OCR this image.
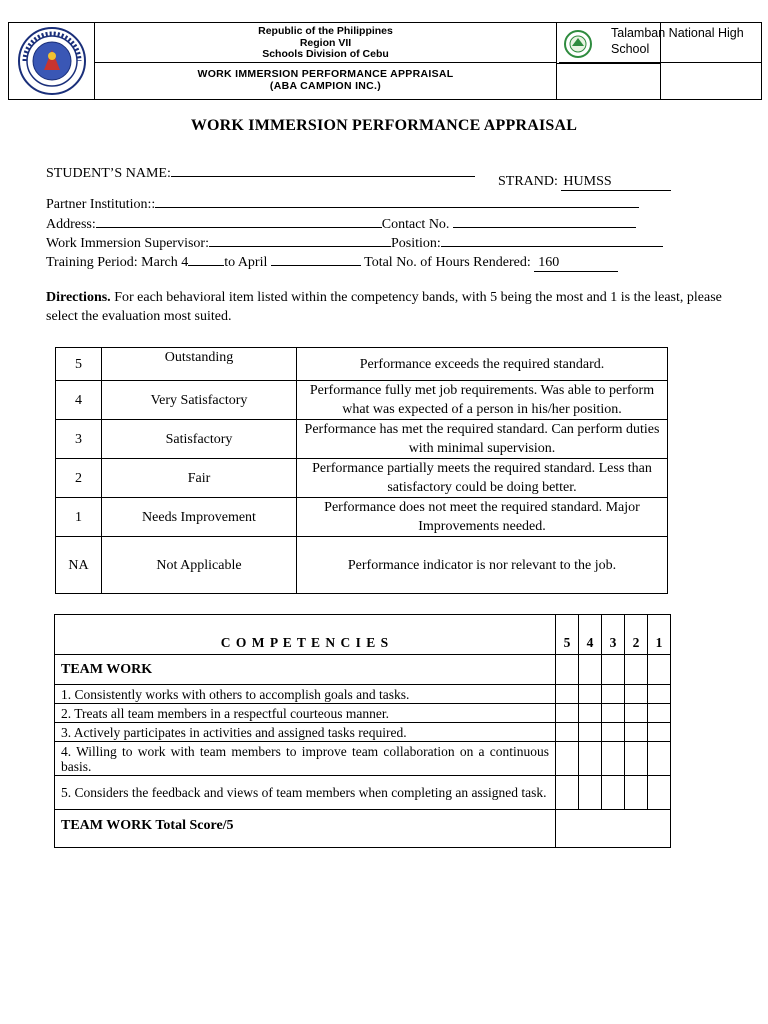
Republic of the Philippines
Region VII
Schools Division of Cebu
WORK IMMERSION PERFORMANCE APPRAISAL
(ABA CAMPION INC.)
Talamban National High
School
WORK IMMERSION PERFORMANCE APPRAISAL
STUDENT’S NAME:
STRAND: HUMSS
Partner Institution::
Address:	Contact No.
Work Immersion Supervisor:	Position:
Training Period: March 4	to April	Total No. of Hours Rendered: 160
Directions. For each behavioral item listed within the competency bands, with 5 being the most and 1 is the least, please select the evaluation most suited.
5	Outstanding	Performance exceeds the required standard.
4	Very Satisfactory	Performance fully met job requirements. Was able to perform what was expected of a person in his/her position.
3	Satisfactory	Performance has met the required standard. Can perform duties with minimal supervision.
2	Fair	Performance partially meets the required standard. Less than satisfactory could be doing better.
1	Needs Improvement	Performance does not meet the required standard. Major Improvements needed.
NA	Not Applicable	Performance indicator is nor relevant to the job.
C O M P E T E N C I E S	5	4	3	2	1
TEAM WORK					
1. Consistently works with others to accomplish goals and tasks.					
2. Treats all team members in a respectful courteous manner.					
3. Actively participates in activities and assigned tasks required.					
4. Willing to work with team members to improve team collaboration on a continuous basis.					
5. Considers the feedback and views of team members when completing an assigned task.					
TEAM WORK Total Score/5					
